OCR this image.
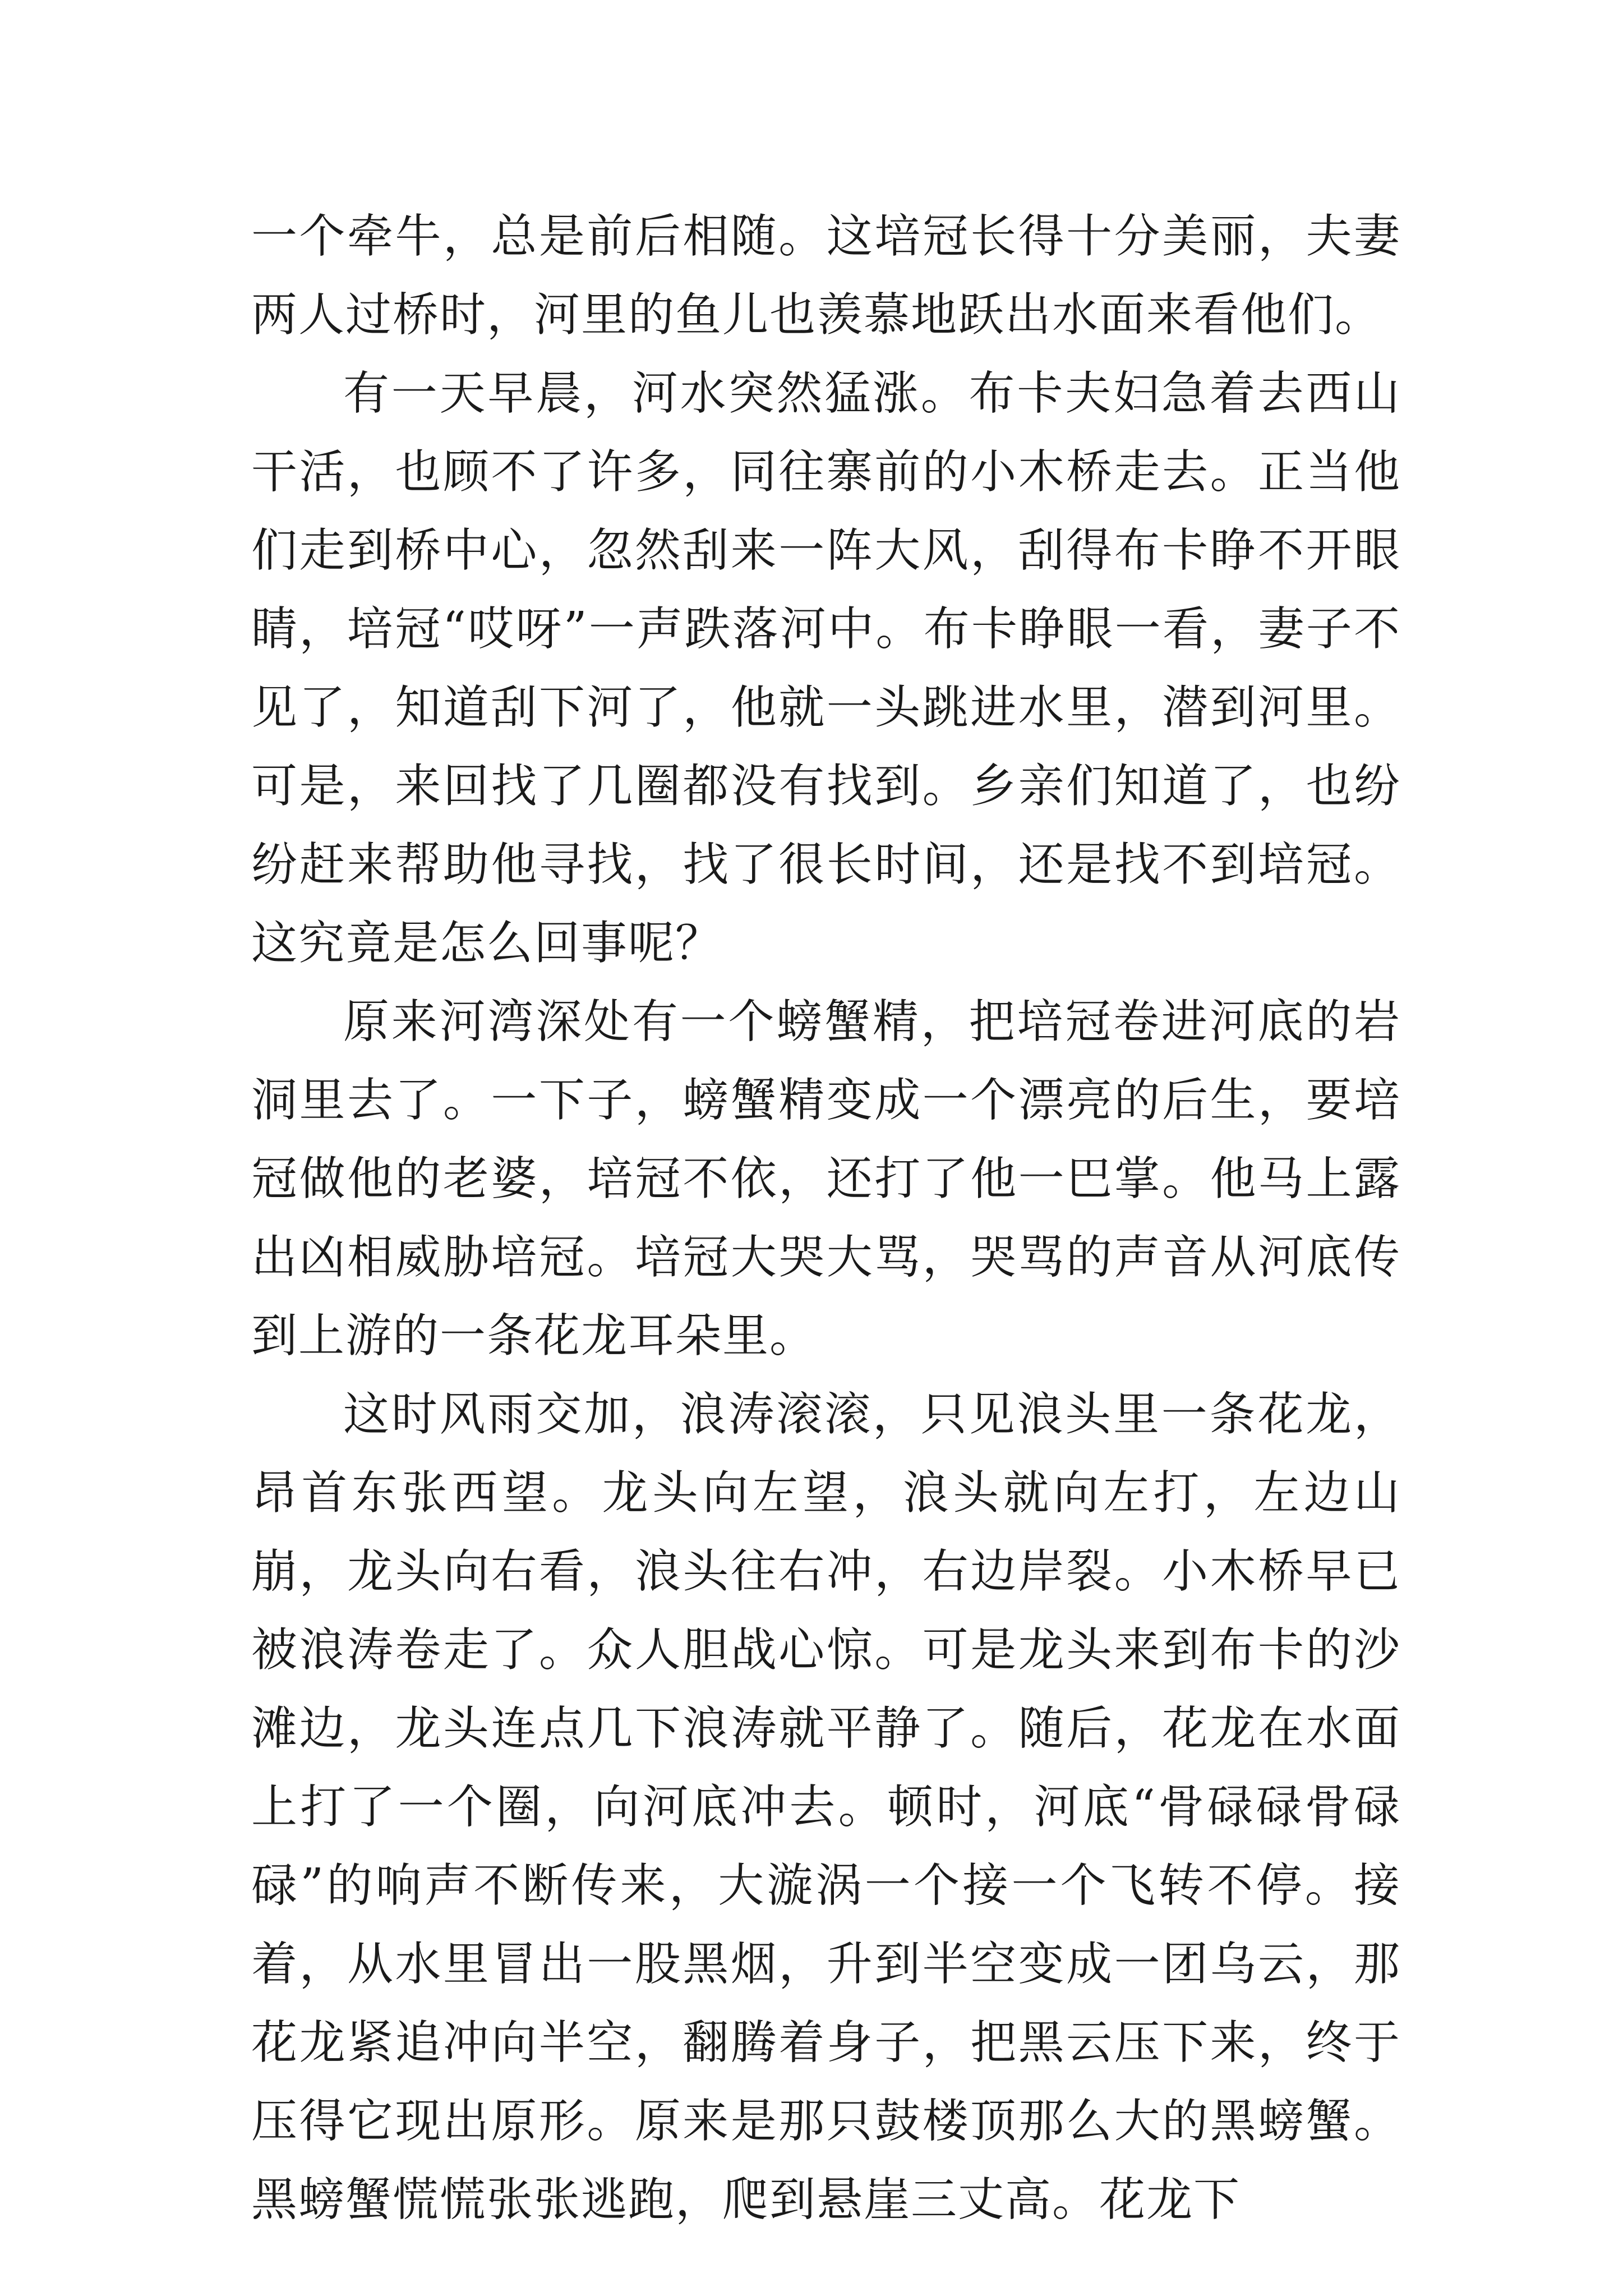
一个牵牛，总是前后相随。这培冠长得十分美丽，夫妻两人过桥时，河里的鱼儿也羡慕地跃出水面来看他们。

有一天早晨，河水突然猛涨。布卡夫妇急着去西山干活，也顾不了许多，同往寨前的小木桥走去。正当他们走到桥中心，忽然刮来一阵大风，刮得布卡睁不开眼睛，培冠“哎呀”一声跌落河中。布卡睁眼一看，妻子不见了，知道刮下河了，他就一头跳进水里，潜到河里。可是，来回找了几圈都没有找到。乡亲们知道了，也纷纷赶来帮助他寻找，找了很长时间，还是找不到培冠。这究竟是怎么回事呢？

原来河湾深处有一个螃蟹精，把培冠卷进河底的岩洞里去了。一下子，螃蟹精变成一个漂亮的后生，要培冠做他的老婆，培冠不依，还打了他一巴掌。他马上露出凶相威胁培冠。培冠大哭大骂，哭骂的声音从河底传到上游的一条花龙耳朵里。

这时风雨交加，浪涛滚滚，只见浪头里一条花龙，昂首东张西望。龙头向左望，浪头就向左打，左边山崩，龙头向右看，浪头往右冲，右边岸裂。小木桥早已被浪涛卷走了。众人胆战心惊。可是龙头来到布卡的沙滩边，龙头连点几下浪涛就平静了。随后，花龙在水面上打了一个圈，向河底冲去。顿时，河底“骨碌碌骨碌碌”的响声不断传来，大漩涡一个接一个飞转不停。接着，从水里冒出一股黑烟，升到半空变成一团乌云，那花龙紧追冲向半空，翻腾着身子，把黑云压下来，终于压得它现出原形。原来是那只鼓楼顶那么大的黑螃蟹。黑螃蟹慌慌张张逃跑，爬到悬崖三丈高。花龙下
